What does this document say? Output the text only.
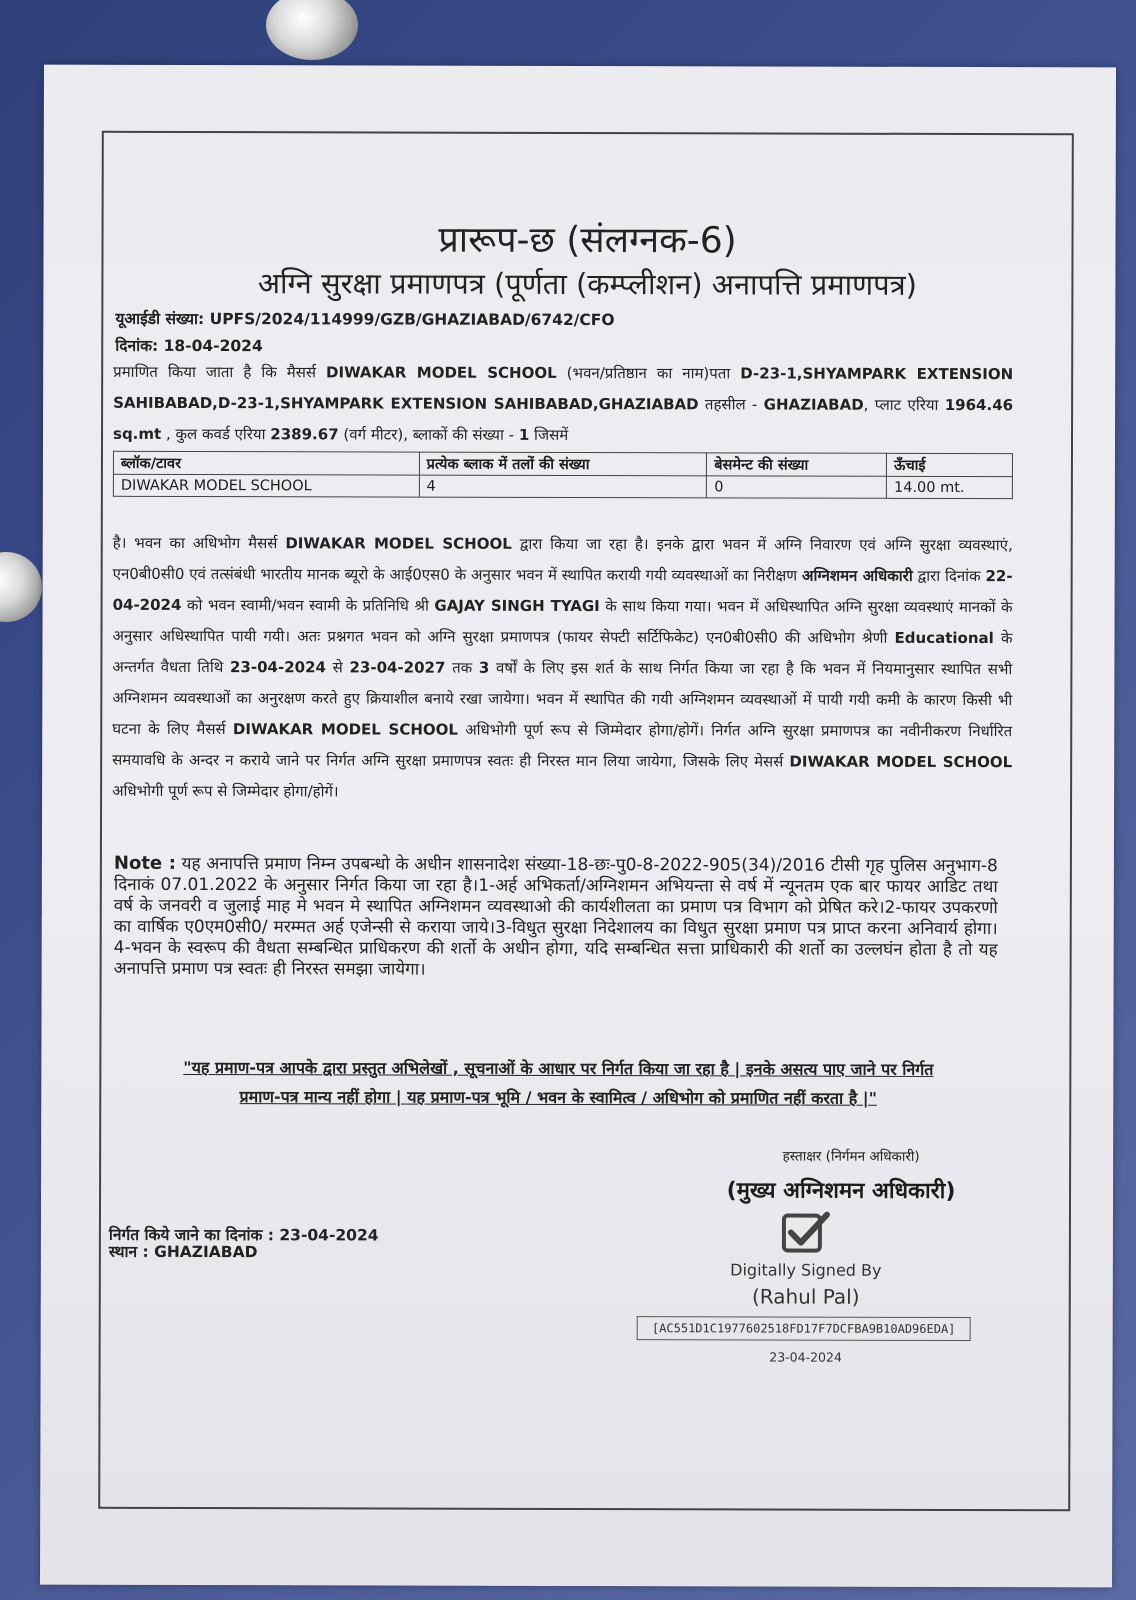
प्रारूप-छ (संलग्नक-6)
अग्नि सुरक्षा प्रमाणपत्र (पूर्णता (कम्प्लीशन) अनापत्ति प्रमाणपत्र)
यूआईडी संख्या: UPFS/2024/114999/GZB/GHAZIABAD/6742/CFO
दिनांक: 18-04-2024
प्रमाणित किया जाता है कि मैसर्स DIWAKAR MODEL SCHOOL (भवन/प्रतिष्ठान का नाम)पता D-23-1,SHYAMPARK EXTENSION SAHIBABAD,D-23-1,SHYAMPARK EXTENSION SAHIBABAD,GHAZIABAD तहसील - GHAZIABAD, प्लाट एरिया 1964.46 sq.mt , कुल कवर्ड एरिया 2389.67 (वर्ग मीटर), ब्लाकों की संख्या - 1 जिसमें
ब्लॉक/टावर	प्रत्येक ब्लाक में तलों की संख्या	बेसमेन्ट की संख्या	ऊँचाई
DIWAKAR MODEL SCHOOL	4	0	14.00 mt.
है। भवन का अधिभोग मैसर्स DIWAKAR MODEL SCHOOL द्वारा किया जा रहा है। इनके द्वारा भवन में अग्नि निवारण एवं अग्नि सुरक्षा व्यवस्थाएं, एन0बी0सी0 एवं तत्संबंधी भारतीय मानक ब्यूरो के आई0एस0 के अनुसार भवन में स्थापित करायी गयी व्यवस्थाओं का निरीक्षण अग्निशमन अधिकारी द्वारा दिनांक 22-04-2024 को भवन स्वामी/भवन स्वामी के प्रतिनिधि श्री GAJAY SINGH TYAGI के साथ किया गया। भवन में अधिस्थापित अग्नि सुरक्षा व्यवस्थाएं मानकों के अनुसार अधिस्थापित पायी गयी। अतः प्रश्नगत भवन को अग्नि सुरक्षा प्रमाणपत्र (फायर सेफ्टी सर्टिफिकेट) एन0बी0सी0 की अधिभोग श्रेणी Educational के अन्तर्गत वैधता तिथि 23-04-2024 से 23-04-2027 तक 3 वर्षों के लिए इस शर्त के साथ निर्गत किया जा रहा है कि भवन में नियमानुसार स्थापित सभी अग्निशमन व्यवस्थाओं का अनुरक्षण करते हुए क्रियाशील बनाये रखा जायेगा। भवन में स्थापित की गयी अग्निशमन व्यवस्थाओं में पायी गयी कमी के कारण किसी भी घटना के लिए मैसर्स DIWAKAR MODEL SCHOOL अधिभोगी पूर्ण रूप से जिम्मेदार होगा/होगें। निर्गत अग्नि सुरक्षा प्रमाणपत्र का नवीनीकरण निर्धारित समयावधि के अन्दर न कराये जाने पर निर्गत अग्नि सुरक्षा प्रमाणपत्र स्वतः ही निरस्त मान लिया जायेगा, जिसके लिए मेसर्स DIWAKAR MODEL SCHOOL अधिभोगी पूर्ण रूप से जिम्मेदार होगा/होगें।
Note : यह अनापत्ति प्रमाण निम्न उपबन्धो के अधीन शासनादेश संख्या-18-छः-पु0-8-2022-905(34)/2016 टीसी गृह पुलिस अनुभाग-8 दिनाकं 07.01.2022 के अनुसार निर्गत किया जा रहा है।1-अर्ह अभिकर्ता/अग्निशमन अभियन्ता से वर्ष में न्यूनतम एक बार फायर आडिट तथा वर्ष के जनवरी व जुलाई माह मे भवन मे स्थापित अग्निशमन व्यवस्थाओ की कार्यशीलता का प्रमाण पत्र विभाग को प्रेषित करे।2-फायर उपकरणो का वार्षिक ए0एम0सी0/ मरम्मत अर्ह एजेन्सी से कराया जाये।3-विधुत सुरक्षा निदेशालय का विधुत सुरक्षा प्रमाण पत्र प्राप्त करना अनिवार्य होगा।4-भवन के स्वरूप की वैधता सम्बन्धित प्राधिकरण की शर्तो के अधीन होगा, यदि सम्बन्धित सत्ता प्राधिकारी की शर्तो का उल्लघंन होता है तो यह अनापत्ति प्रमाण पत्र स्वतः ही निरस्त समझा जायेगा।
"यह प्रमाण-पत्र आपके द्वारा प्रस्तुत अभिलेखों , सूचनाओं के आधार पर निर्गत किया जा रहा है | इनके असत्य पाए जाने पर निर्गत
प्रमाण-पत्र मान्य नहीं होगा | यह प्रमाण-पत्र भूमि / भवन के स्वामित्व / अधिभोग को प्रमाणित नहीं करता है |"
हस्ताक्षर (निर्गमन अधिकारी)
(मुख्य अग्निशमन अधिकारी)
Digitally Signed By
(Rahul Pal)
[AC551D1C1977602518FD17F7DCFBA9B10AD96EDA]
23-04-2024
निर्गत किये जाने का दिनांक : 23-04-2024
स्थान : GHAZIABAD
